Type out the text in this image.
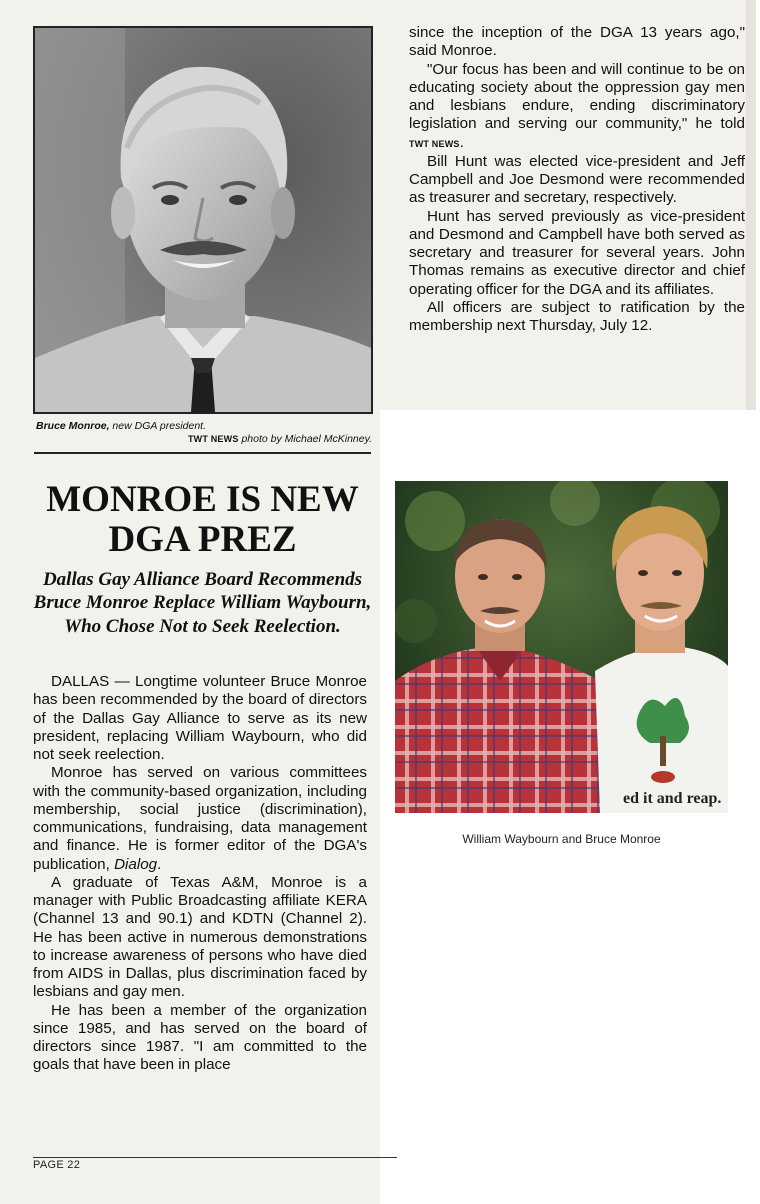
Bruce Monroe, new DGA president.
TWT NEWS photo by Michael McKinney.
MONROE IS NEW DGA PREZ
Dallas Gay Alliance Board Recommends Bruce Monroe Replace William Waybourn, Who Chose Not to Seek Reelection.

DALLAS — Longtime volunteer Bruce Monroe has been recommended by the board of directors of the Dallas Gay Alliance to serve as its new president, replacing William Waybourn, who did not seek reelection.

Monroe has served on various committees with the community-based organization, including membership, social justice (discrimination), communications, fundraising, data management and finance. He is former editor of the DGA's publication, Dialog.

A graduate of Texas A&M, Monroe is a manager with Public Broadcasting affiliate KERA (Channel 13 and 90.1) and KDTN (Channel 2). He has been active in numerous demonstrations to increase awareness of persons who have died from AIDS in Dallas, plus discrimination faced by lesbians and gay men.

He has been a member of the organization since 1985, and has served on the board of directors since 1987. "I am committed to the goals that have been in place

since the inception of the DGA 13 years ago," said Monroe.

"Our focus has been and will continue to be on educating society about the oppression gay men and lesbians endure, ending discriminatory legislation and serving our community," he told TWT NEWS.

Bill Hunt was elected vice-president and Jeff Campbell and Joe Desmond were recommended as treasurer and secretary, respectively.

Hunt has served previously as vice-president and Desmond and Campbell have both served as secretary and treasurer for several years. John Thomas remains as executive director and chief operating officer for the DGA and its affiliates.

All officers are subject to ratification by the membership next Thursday, July 12.

ed it and reap.
William Waybourn and Bruce Monroe
PAGE 22
